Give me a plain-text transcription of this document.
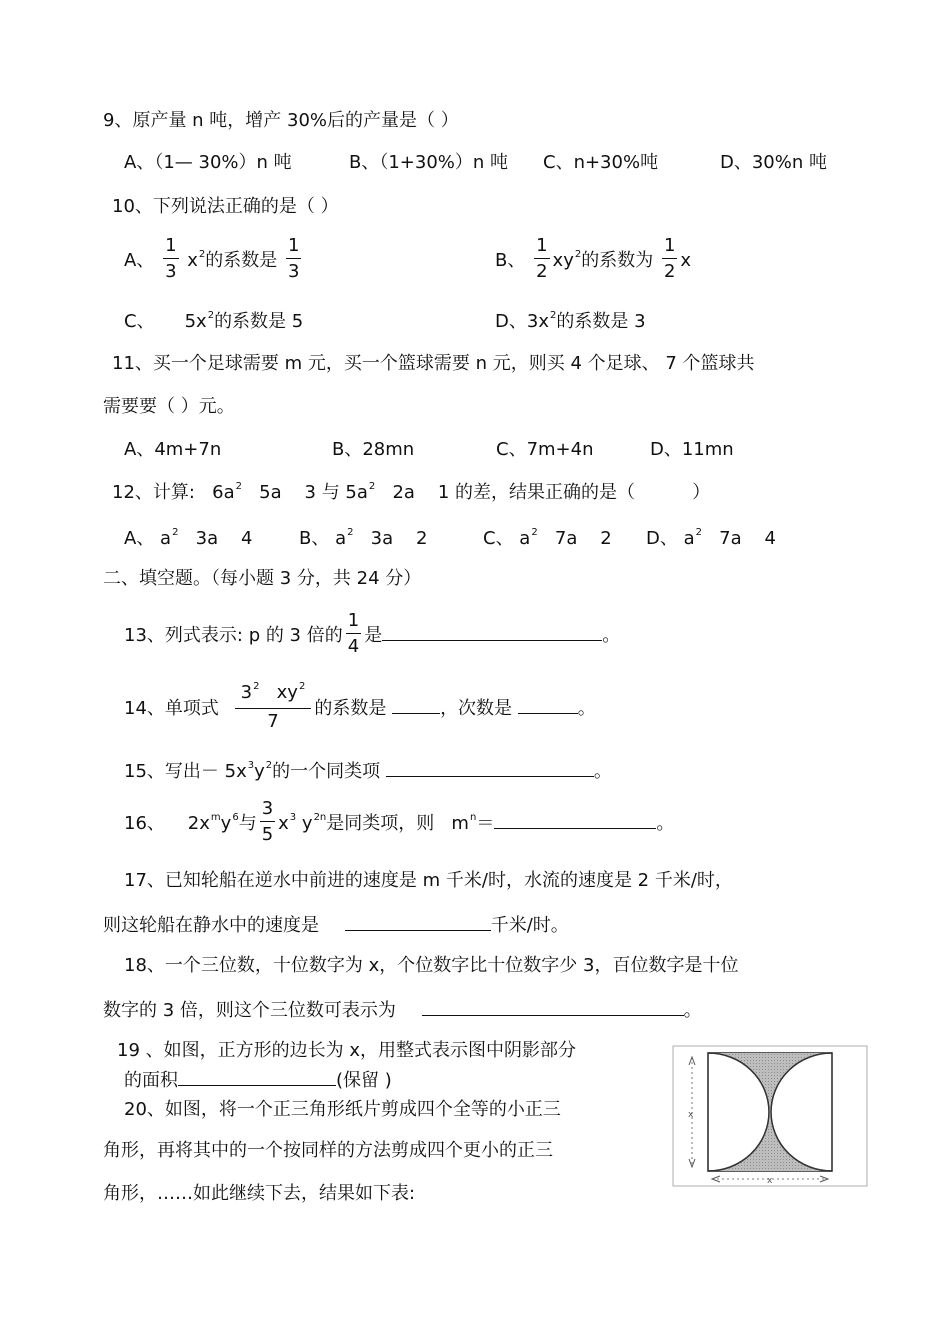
9、原产量 n 吨，增产 30%后的产量是（ ）
A、（1— 30%）n 吨	B、（1+30%）n 吨 C、n+30%吨	D、30%n 吨
10、下列说法正确的是（ ）
A、 $\frac{1}{3} x^2$的系数是 $\frac{1}{3}$	B、 $\frac{1}{2} xy^2$的系数为 $\frac{1}{2}$ x
C、 $5x^2$的系数是 5	D、$3x^2$的系数是 3
11、买一个足球需要 m 元，买一个篮球需要 n 元，则买 4 个足球、 7 个篮球共
需要要（ ）元。
A、4m+7n	B、28mn	C、7m+4n	D、11mn
12、计算:   $6a^2$   5a    3 与 $5a^2$   2a    1 的差，结果正确的是（          ）
A、 $a^2$   3a    4	B、 $a^2$   3a    2	C、 $a^2$   7a    2 D、 $a^2$   7a    4
二、填空题。（每小题 3 分，共 24 分）
13、列式表示: p 的 3 倍的 $\frac{1}{4}$ 是	。
14、单项式 $\frac{3^2 xy^2}{7}$ 的系数是	，次数是	。
15、写出－ $5x^3y^2$的一个同类项	。
16、    $2x^my^6$与 $\frac{3}{5} x^3$ $y^{2n}$是同类项，则   $m^n=$	。
17、已知轮船在逆水中前进的速度是 m 千米/时，水流的速度是 2 千米/时，
则这轮船在静水中的速度是	千米/时。
18、一个三位数，十位数字为 x，个位数字比十位数字少 3，百位数字是十位
数字的 3 倍，则这个三位数可表示为	。
19 、如图，正方形的边长为 x，用整式表示图中阴影部分
的面积	(保留 )
20、如图，将一个正三角形纸片剪成四个全等的小正三
角形，再将其中的一个按同样的方法剪成四个更小的正三
角形，……如此继续下去，结果如下表:
x
x
